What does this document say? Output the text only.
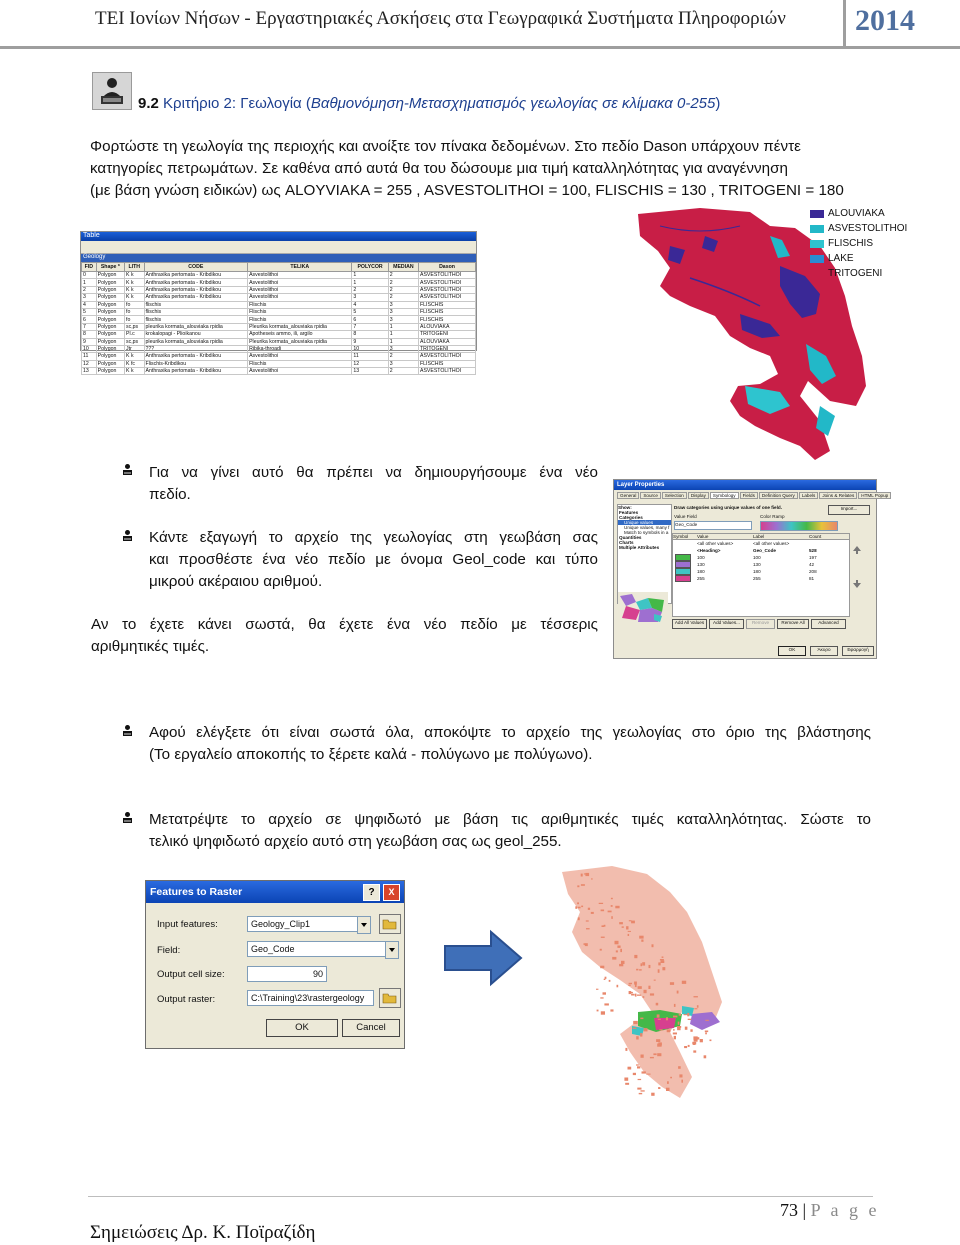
ΤΕΙ Ιονίων Νήσων - Εργαστηριακές Ασκήσεις στα Γεωγραφικά Συστήματα Πληροφοριών 2014
9.2 Κριτήριο 2: Γεωλογία (Βαθμονόμηση-Μετασχηματισμός γεωλογίας σε κλίμακα 0-255)
Φορτώστε τη γεωλογία της περιοχής και ανοίξτε τον πίνακα δεδομένων. Στο πεδίο Dason υπάρχουν πέντε
κατηγορίες πετρωμάτων. Σε καθένα από αυτά θα του δώσουμε μια τιμή καταλληλότητας για αναγέννηση
(με βάση γνώση ειδικών) ως ALOYVIAKA = 255 , ASVESTOLITHOI = 100, FLISCHIS = 130 , TRITOGENI = 180
Table
Geology
FID	Shape *	LITH	CODE	TELIKA	POLYCOR	MEDIAN	Dason
0	Polygon	K k	Anthraxika pertomata - Kribdikou	Asvestolithoi	1	2	ASVESTOLITHOI
1	Polygon	K k	Anthraxika pertomata - Kribdikou	Asvestolithoi	1	2	ASVESTOLITHOI
2	Polygon	K k	Anthraxika pertomata - Kribdikou	Asvestolithoi	2	2	ASVESTOLITHOI
3	Polygon	K k	Anthraxika pertomata - Kribdikou	Asvestolithoi	3	2	ASVESTOLITHOI
4	Polygon	fo	flischis	Flischis	4	3	FLISCHIS
5	Polygon	fo	flischis	Flischis	5	3	FLISCHIS
6	Polygon	fo	flischis	Flischis	6	3	FLISCHIS
7	Polygon	sc,ps	pleurika kormata_alouviaka rpidia	Pleurika kormata_alouviaka rpidia	7	1	ALOUVIAKA
8	Polygon	Pl.c	krokalopagi - Plioikanou	Apotheseis ammo, ili, argilo	8	1	TRITOGENI
9	Polygon	sc,ps	pleurika kormata_alouviaka rpidia	Pleurika kormata_alouviaka rpidia	9	1	ALOUVIAKA
10	Polygon	Jtr	???	Ribika-throadi	10	3	TRITOGENI
11	Polygon	K k	Anthraxika pertomata - Kribdikou	Asvestolithoi	11	2	ASVESTOLITHOI
12	Polygon	K fc	Flischis-Kribdikou	Flischis	12	3	FLISCHIS
13	Polygon	K k	Anthraxika pertomata - Kribdikou	Asvestolithoi	13	2	ASVESTOLITHOI
ALOUVIAKA
ASVESTOLITHOI
FLISCHIS
LAKE
TRITOGENI
Για να γίνει αυτό θα πρέπει να δημιουργήσουμε ένα νέο
πεδίο.
Κάντε εξαγωγή το αρχείο της γεωλογίας στη γεωβάση σας
και προσθέστε ένα νέο πεδίο με όνομα Geol_code και τύπο
μικρού ακέραιου αριθμού.
Αν το έχετε κάνει σωστά, θα έχετε ένα νέο πεδίο με τέσσερις
αριθμητικές τιμές.
Layer Properties
General Source Selection Display Symbology Fields Definition Query Labels Joins & Relates HTML Popup
Show:
Features
Categories
Unique values
Unique values, many f
Match to symbols in a
Quantities
Charts
Multiple Attributes
Draw categories using unique values of one field.	Import...
Value Field
Geo_Code
Color Ramp
Symbol	Value	Label	Count
<all other values>	<all other values>
<Heading>	Geo_Code	528
100	100	197
130	130	42
180	180	208
255	255	81
Add All Values	Add Values...	Remove	Remove All	Advanced
OK	Άκυρο	Εφαρμογή
Αφού ελέγξετε ότι είναι σωστά όλα, αποκόψτε το αρχείο της γεωλογίας στο όριο της βλάστησης
(Το εργαλείο αποκοπής το ξέρετε καλά - πολύγωνο με πολύγωνο).
Μετατρέψτε το αρχείο σε ψηφιδωτό με βάση τις αριθμητικές τιμές καταλληλότητας. Σώστε το
τελικό ψηφιδωτό αρχείο αυτό στη γεωβάση σας ως geol_255.
Features to Raster	?	X
Input features:	Geology_Clip1
Field:	Geo_Code
Output cell size:	90
Output raster:	C:\Training\23\rastergeology
OK	Cancel
73 | P a g e
Σημειώσεις Δρ. Κ. Ποϊραζίδη
